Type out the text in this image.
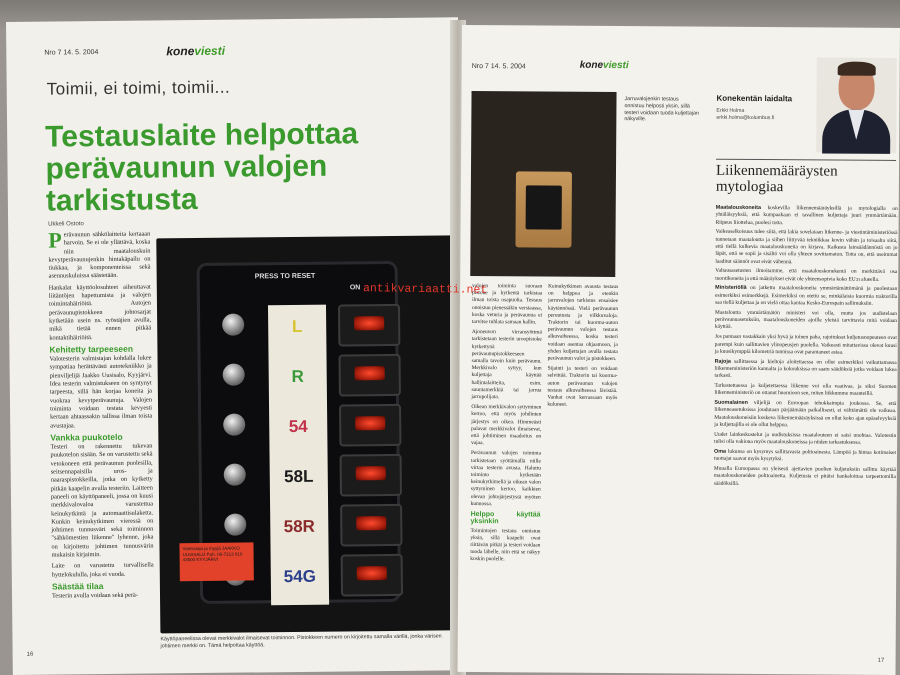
Nro 7 14. 5. 2004	koneviesti
Toimii, ei toimi, toimii...
Testauslaite helpottaa
perävaunun valojen
tarkistusta
Ukkeli Ostoto

Perävaunun sähkölaitteita kertaaan harvoin. Se ei ole yllättävä, koska niin maatalouskuin kevytperävaunujenkin hintakäpailu on tiukkaa, ja komponenteissa sekä asennuskuluissa säästetään.

Hankalat käyttöolosuhteet aiheuttavat liitäntöjen hapettumista ja valojen toimintahäiriöitä. Autojen perävaunupistokkeen johtosarjat kytketään usein ns. ryöstäjien avulla, mikä tietää ennen pitkää kontaktihäiriöitä.

Kehitetty tarpeeseen

Valotesterin valmistajan kohdalla lukee sympatiaa herättävästi autotekniikko ja pienviljelijä Jaakko Uusisalo, Kyyjärvi. Idea testerin valmistukseen on syntynyt tarpeesta, sillä hän korjaa koneita ja vuokraa kevytperävaunuja. Valojen toiminta voidaan testata kevyesti kertaan ahtaassakin tallissa ilman toista avustajaa.

Vankka puukotelo

Testeri on rakennettu tukevan puukotelon sisään. Se on varustettu sekä vetokoneen että perävaunun puolesilla, seitsennapaisilla uros- ja naaraspistokkeilla, jotka on kytketty pitkän kaapelin avulla testeriin. Laitteen paneeli on käyttöpaneeli, jossa on kuusi merkkivalovaloa varustettua keinukytkintä ja automaattisulaketta. Kunkin keinukytkimen vieressä on johtimen tunnusväri sekä toiminnon "sähkömestien liikenne" lyhenne, joka on kirjoitettu johtimen tunnusvärin mukaisin kirjaimin.

Laite on varustettu turvallisella hyttelokululla, joka ei vuoda.

Säästää tilaa

Testerin avulla voidaan sekä perä-

PRESS TO RESET
ON
L
R
54
58L
58R
54G
Valmistaja ja myyjä JAAKKO UUSISALO Puh. 06-7213 010 43500 KYYJÄRVI
Käyttöpaneelissa olevat merkkivalot ilmaisevat toiminnon. Pistokkeen numero on kirjoitettu samalla värillä, jonka värisen johtimen merkki on. Tämä helpottaa käyttöä.
16
Nro 7 14. 5. 2004	koneviesti
Jarruvalojenkin testaus onnistuu helposti yksin, sillä testeri voidaan tuoda kuljettajan näkyville.

valojen toiminta suoraan pistoke ja kytkentä tarkistaa ilman toista osapuolta. Testaus onnistuu pienessäkin verstaassa, koska veturia ja perävaunua ei tarvitse tuhlata samaan hallin.

Ajoneuvon virransyöttmä tarkistetaan testerin uroopistoke kytkettynä perävaunupistokkeeseen samalla tavoin kuin perävaunu. Merkkivalo syttyy, kun kuljettaja käyttää hallintalaitteita, esim. suuntamerkkiä tai jarrua jarrupolijata.

Oikean merkkivalon syttyminen kertoo, että myös johdinten järjestys on oikea. Himmeästi palavat merkkivalot ilmaisevat, että johtiminen maadoitus on vajaa.

Perävaunun valojen toiminta tarkistetaan syöttämällä niille virtaa testerin avusta. Haluttu toiminto kytketään keinukytkimellä ja oikean valon syttyminen kertoo, kaikkien olevan johtojärjestystä myöten kunnossa.

Helppo käyttää yksinkin

Toimintojen testaus onnistuu yksin, sillä kaapelit ovat riittävän pitkät ja testeri voidaan tuoda lähelle, niin että se näkyy koskin puolelle.

Keinukytkimen avausta testaus on helppoa ja etenkin jarruvalojen tarkistus ensaisiee käytännössä. Vielä perävaunun peruutusta ja vilkkuvaloja. Traktorin tai kuorma-auton perävaunun valojen testaus alkuvaiheessa, koska testeri voidaan asentaa ohjaamoon, ja yhden kuljettajan avulla testata perävaunun valot ja pistokkeen.

Sijainti ja testeri on voidaan selvittää. Traktorin tai kuorma-auton perävaunun valojen testaus alkuvaiheessa lävistää. Vanhat ovat kerrassaan myös kuluneet.

Konekentän laidalta
Erkki Holma
erkki.holma@kolumbus.fi
Liikennemääräysten mytologiaa

Maatalouskoneita koskevilla liikennemääräyksillä ja mytologialla on yhtäläisyyksiä, että kumpaakaan ei tavallinen kuljettaja juuri ymmärtämään. Riipeus liiottelua, puolesi totta.

Vaikeaselkoisuus tulee siitä, että lakia sovelataan liikenne- ja viestintäministeriössä tunnetaan maataloutta ja siihen liittyvää tekniikkaa kovin vähän ja toisaalta siitä, että tiellä kulkevia maatalouskoneita on kirjava. Kaikesta lainsäädännöstä on jo läpät, että se sopii ja sisältö voi olla yhteen sovittamaton. Totta on, että useimmat laaditut säännöt ovat eivät vähennä.

Valtausasetusten ilmoitamme, että maatalouskonekentä on merkittävä osa tuontikoneita ja että määräykset eivät ole yhteensopivia koko EU:n alueella.

Ministeriöllä on jatkettu maatalouskoneita ymmärtämättömänä ja puolestaan esimerkiksi esimerkkejä. Esimerkiksi on otettu se, minkälaisia kuormia traktorilla saa tiellä kuljettaa ja on vielä ottaa kantaa Kesko-Eurospain sallimuksiin.

Maataloutta ymmärtämätön ministeri voi olla, mutta jos uudistelaan perävaunuasetuksiin, maatalouskoneiden ajoille yleisiä tarvittavia mitä voidaan käyttää.

Jos pannaan vastakkain yksi hyvä ja toinen paha, rajoitukset kuljetusnopeuteen ovat parempi kuin sallittavien ylinopeusjen puolella. Vaikeasti mitattavissa olevat kuusi ja kuusikymppiä kilometriä tunnissa ovat parantaneet asiaa.

Rajoja sallittaessa ja kieltoja aloitettaessa on ollut esimerkiksi vaikuttamassa liikenneministeriön kannalta ja kokouksissa on saatu säädöksiä jotka voidaan lukea tarkasti.

Tarkastettaessa ja kuljetettaessa liikenne voi olla vaativaa, ja siksi Suomen liikenneministeriö on ottanut huomioon sen, miten liikkumme maanteillä.

Suomalainen viljelijä on Euroopan tehokkaimpia joukossa. Se, että liikenneasetuksissa joudutaan pärjäämään paikallisesti, ei välttämättä ole vaikeaa. Maatalouskoneisiin koskeva liikennemääräyksissä on ollut koko ajan epäselvyyksiä ja kuljettajilla ei ole ollut helppoa.

Uudet lainkeskustelut ja uudistuksissa maatalouteen ei saisi unohtaa. Valotestin tulisi olla vakiona myös maatalouskoneissa ja niiden tarkastuksessa.

Oma lukunsa on kysymys sallittavasta polttoainesta. Lämpöä ja hintaa kotimaiset tuottajat saavat myös kysytyksi.

Muualla Euroopassa on yleisesti ajettavien puolien kuljetuksiin sallittu käyttää maatalouskoneiden polttoainetta. Kuljetusta ei pitäisi hankaloittaa tarpeettomilla säädöksillä.

17
antikvariaatti.net
